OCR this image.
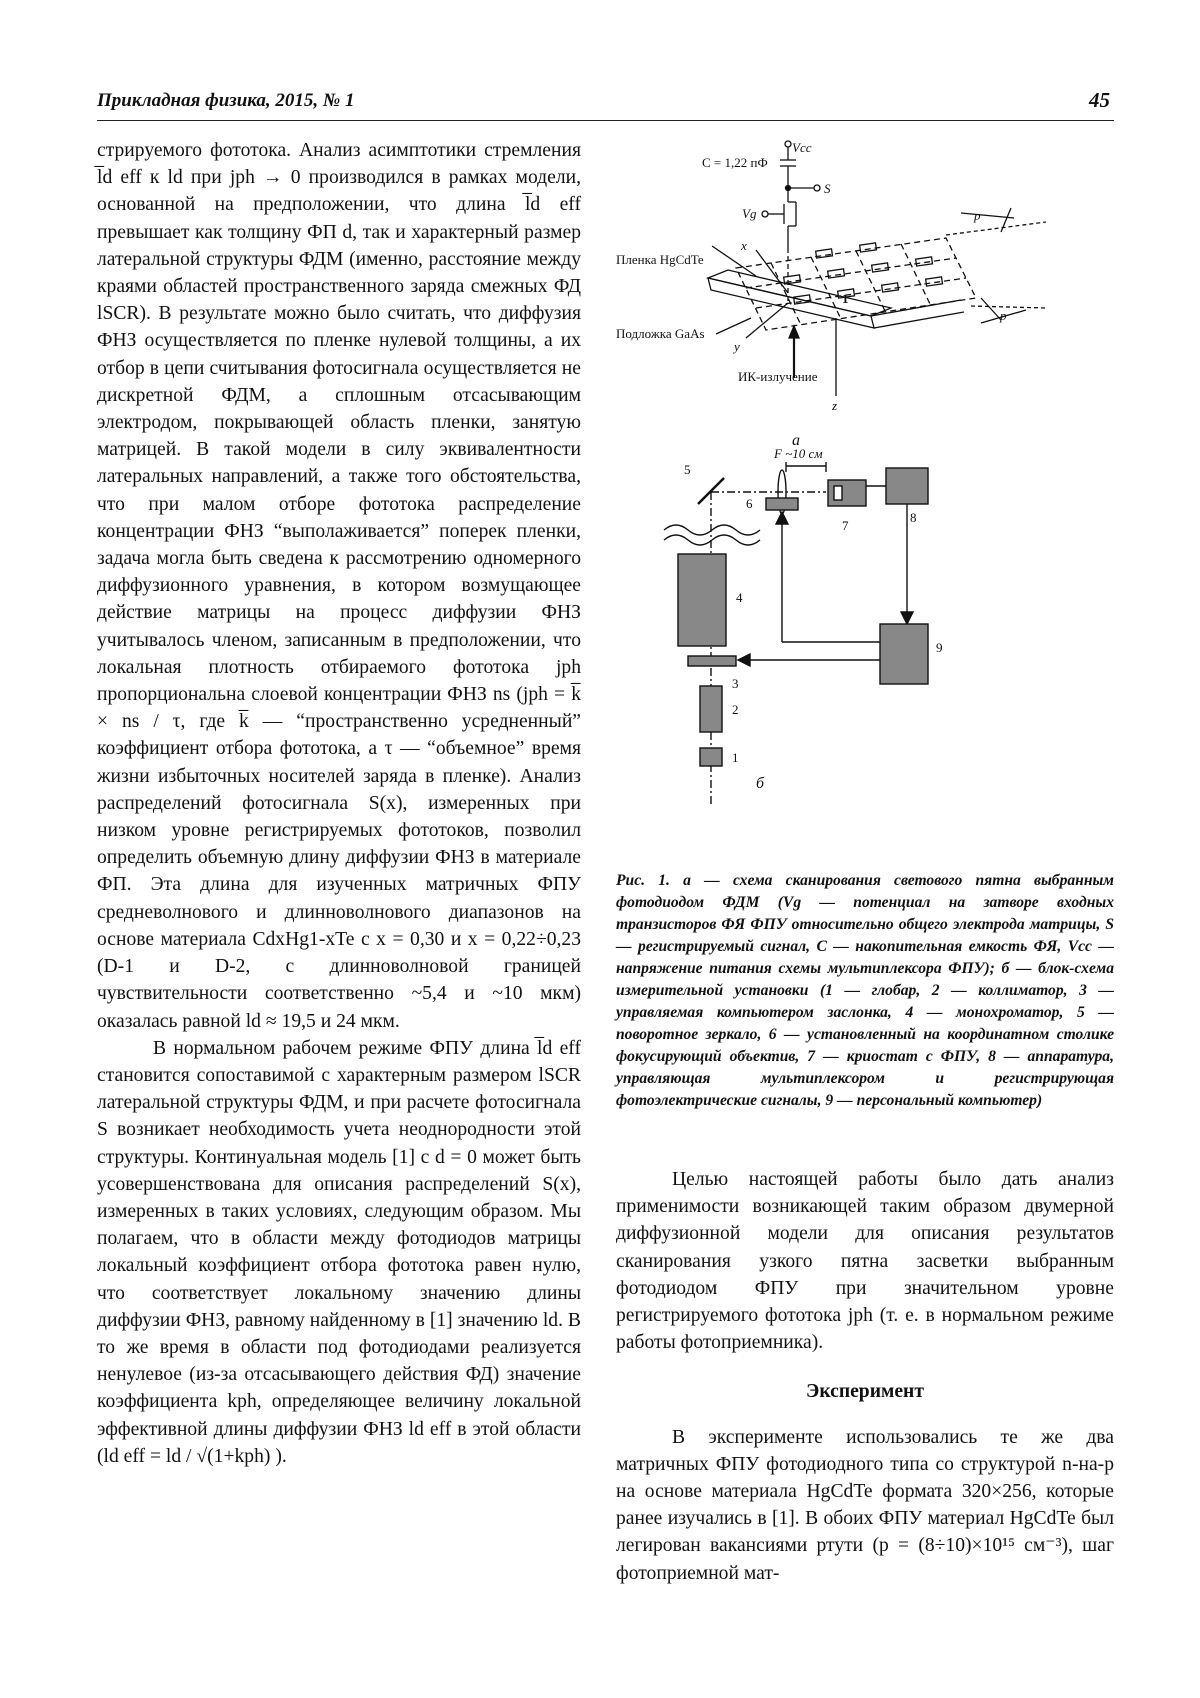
Прикладная физика, 2015, № 1	45

стрируемого фототока. Анализ асимптотики стремления l̅d eff к ld при jph → 0 производился в рамках модели, основанной на предположении, что длина l̅d eff превышает как толщину ФП d, так и характерный размер латеральной структуры ФДМ (именно, расстояние между краями областей пространственного заряда смежных ФД lSCR). В результате можно было считать, что диффузия ФНЗ осуществляется по пленке нулевой толщины, а их отбор в цепи считывания фотосигнала осуществляется не дискретной ФДМ, а сплошным отсасывающим электродом, покрывающей область пленки, занятую матрицей. В такой модели в силу эквивалентности латеральных направлений, а также того обстоятельства, что при малом отборе фототока распределение концентрации ФНЗ “выполаживается” поперек пленки, задача могла быть сведена к рассмотрению одномерного диффузионного уравнения, в котором возмущающее действие матрицы на процесс диффузии ФНЗ учитывалось членом, записанным в предположении, что локальная плотность отбираемого фототока jph пропорциональна слоевой концентрации ФНЗ ns (jph = k̅ × ns / τ, где k̅ — “пространственно усредненный” коэффициент отбора фототока, а τ — “объемное” время жизни избыточных носителей заряда в пленке). Анализ распределений фотосигнала S(x), измеренных при низком уровне регистрируемых фототоков, позволил определить объемную длину диффузии ФНЗ в материале ФП. Эта длина для изученных матричных ФПУ средневолнового и длинноволнового диапазонов на основе материала CdxHg1-xTe с x = 0,30 и x = 0,22÷0,23 (D-1 и D-2, с длинноволновой границей чувствительности соответственно ~5,4 и ~10 мкм) оказалась равной ld ≈ 19,5 и 24 мкм.

В нормальном рабочем режиме ФПУ длина l̅d eff становится сопоставимой с характерным размером lSCR латеральной структуры ФДМ, и при расчете фотосигнала S возникает необходимость учета неоднородности этой структуры. Континуальная модель [1] с d = 0 может быть усовершенствована для описания распределений S(x), измеренных в таких условиях, следующим образом. Мы полагаем, что в области между фотодиодов матрицы локальный коэффициент отбора фототока равен нулю, что соответствует локальному значению длины диффузии ФНЗ, равному найденному в [1] значению ld. В то же время в области под фотодиодами реализуется ненулевое (из-за отсасывающего действия ФД) значение коэффициента kph, определяющее величину локальной эффективной длины диффузии ФНЗ ld eff в этой области (ld eff = ld / √(1+kph) ).

Vcc
C = 1,22 пФ
S
Vg
Пленка HgCdTe
Подложка GaAs
ИК-излучение
x
y
z
p
p
1
а
5
6
7
8
4
9
3
2
1
F ~10 см
б
Рис. 1. а — схема сканирования светового пятна выбранным фотодиодом ФДМ (Vg — потенциал на затворе входных транзисторов ФЯ ФПУ относительно общего электрода матрицы, S — регистрируемый сигнал, C — накопительная емкость ФЯ, Vcc — напряжение питания схемы мультиплексора ФПУ); б — блок-схема измерительной установки (1 — глобар, 2 — коллиматор, 3 — управляемая компьютером заслонка, 4 — монохроматор, 5 — поворотное зеркало, 6 — установленный на координатном столике фокусирующий объектив, 7 — криостат с ФПУ, 8 — аппаратура, управляющая мультиплексором и регистрирующая фотоэлектрические сигналы, 9 — персональный компьютер)

Целью настоящей работы было дать анализ применимости возникающей таким образом двумерной диффузионной модели для описания результатов сканирования узкого пятна засветки выбранным фотодиодом ФПУ при значительном уровне регистрируемого фототока jph (т. е. в нормальном режиме работы фотоприемника).

Эксперимент

В эксперименте использовались те же два матричных ФПУ фотодиодного типа со структурой n-на-p на основе материала HgCdTe формата 320×256, которые ранее изучались в [1]. В обоих ФПУ материал HgCdTe был легирован вакансиями ртути (p = (8÷10)×10¹⁵ см⁻³), шаг фотоприемной мат-
